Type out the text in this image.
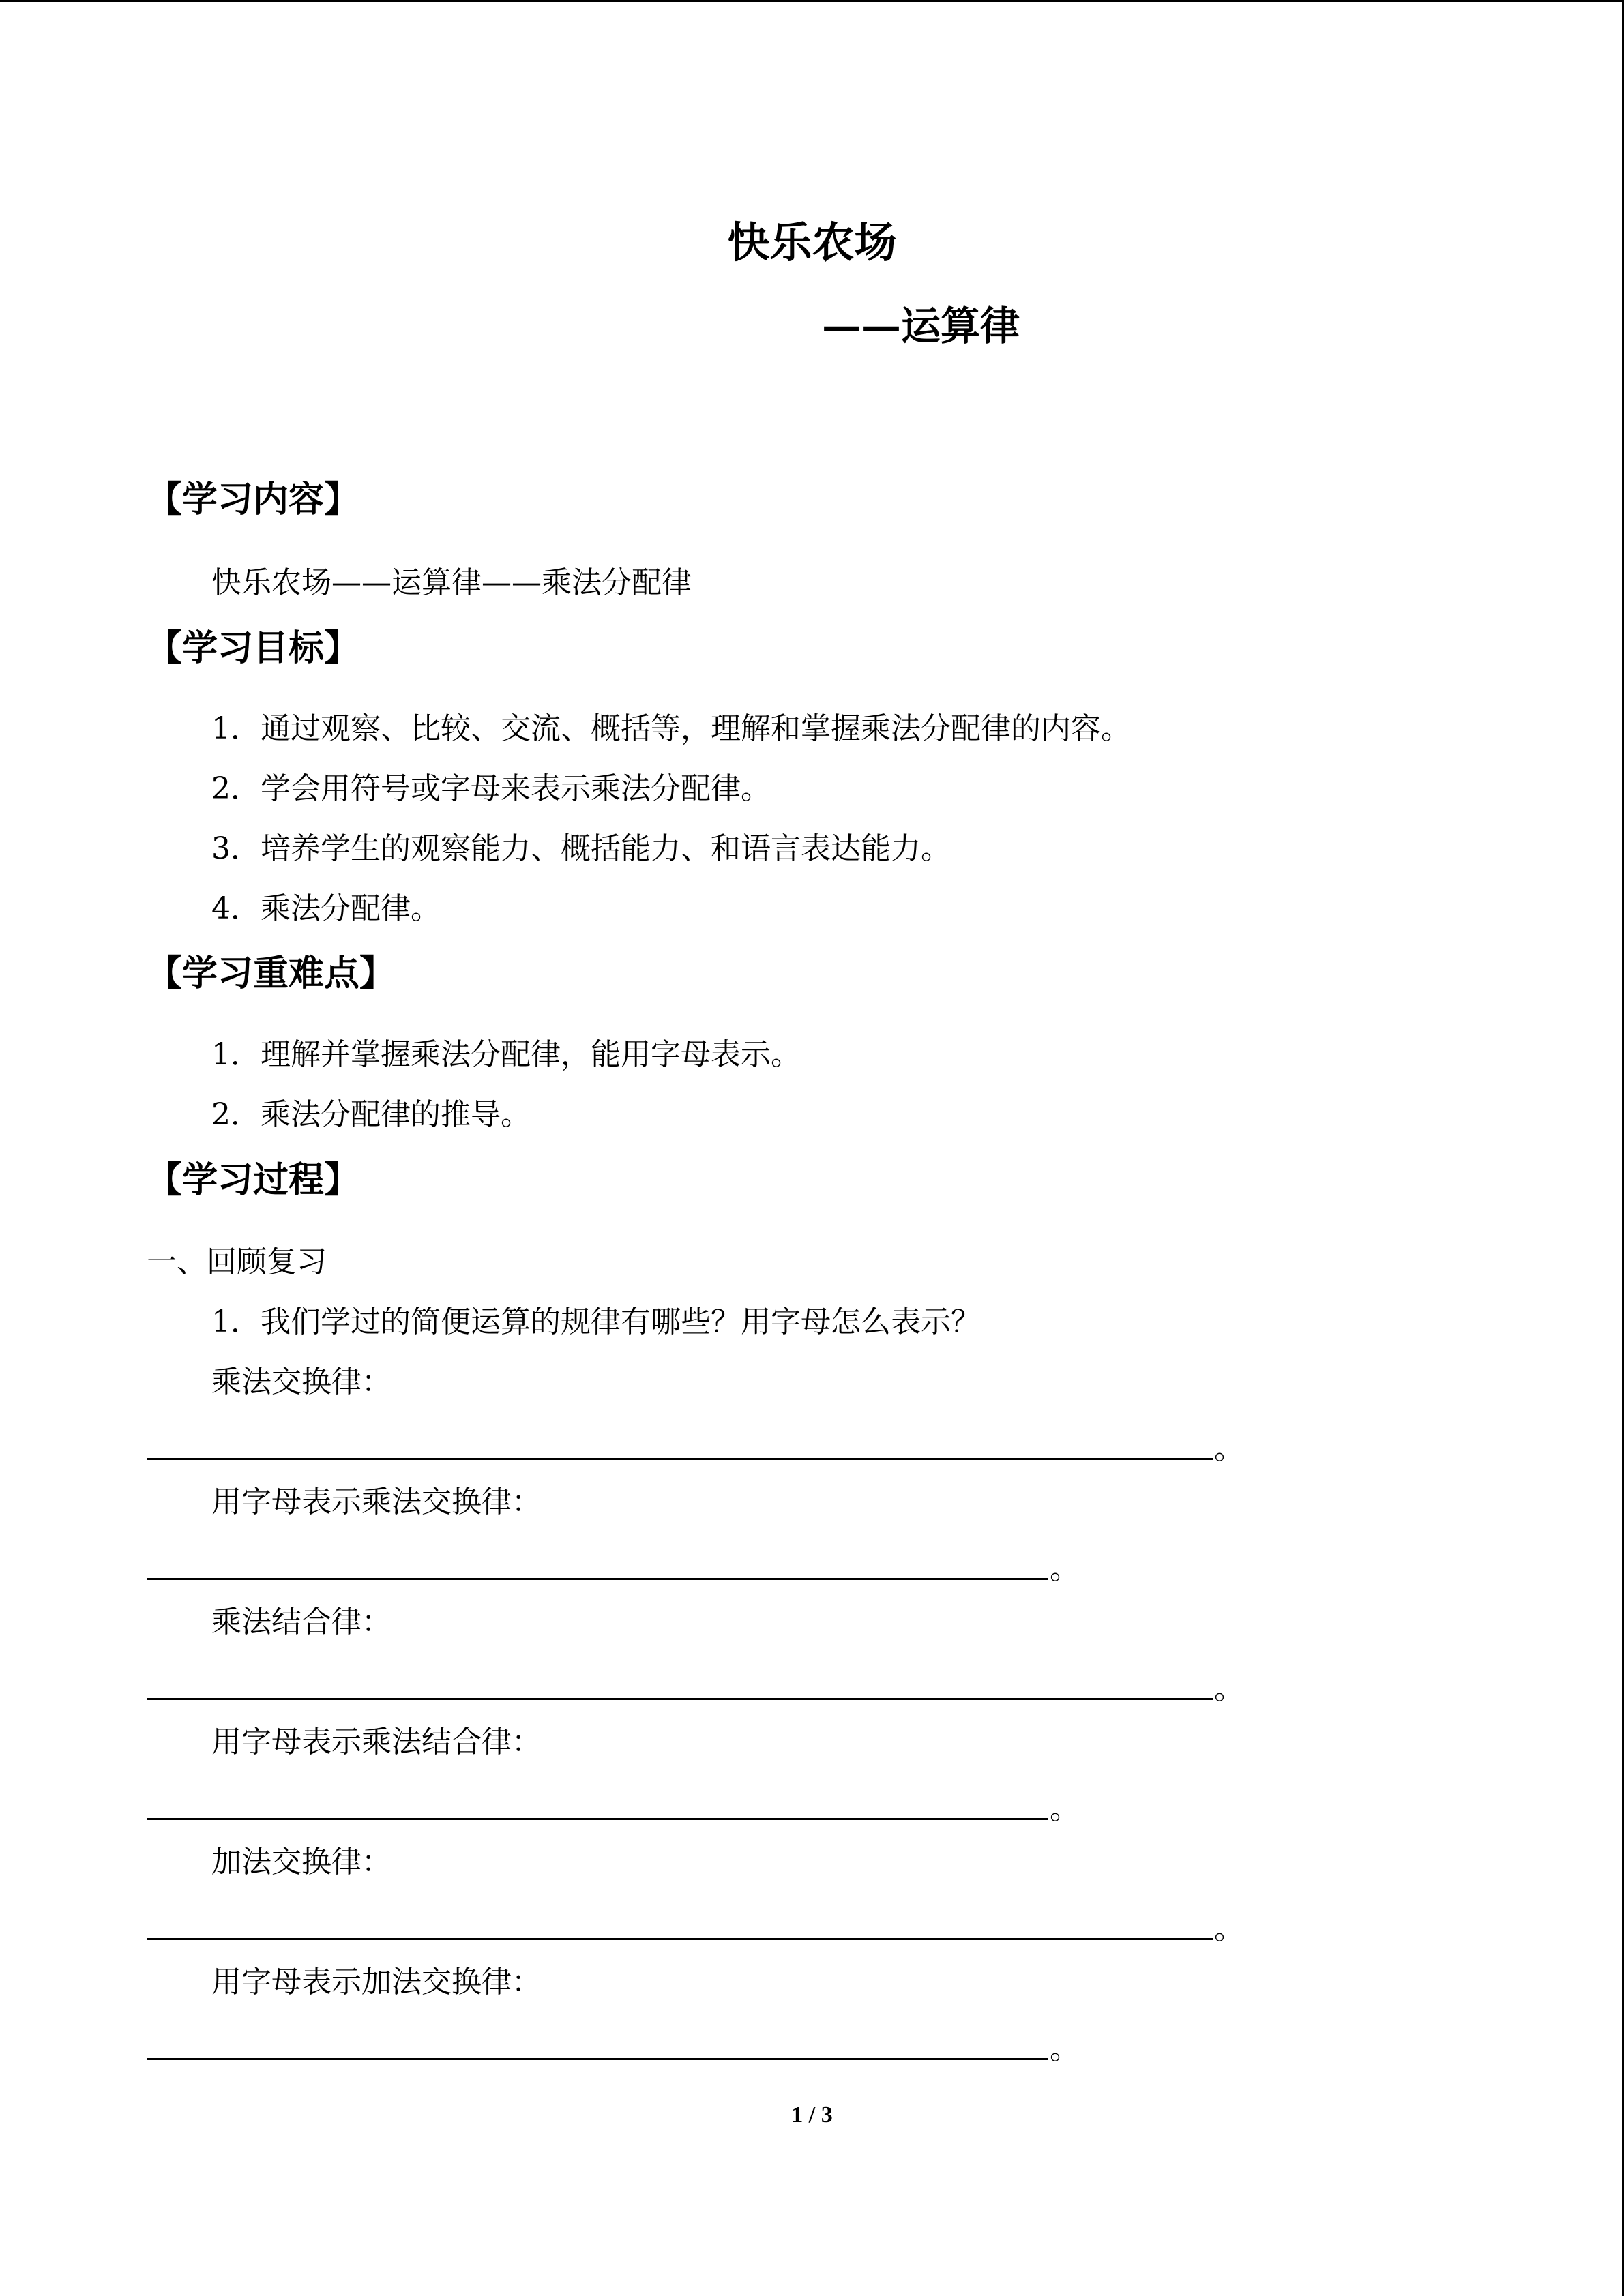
快乐农场
——运算律
【学习内容】
快乐农场——运算律——乘法分配律
【学习目标】
1．通过观察、比较、交流、概括等，理解和掌握乘法分配律的内容。
2．学会用符号或字母来表示乘法分配律。
3．培养学生的观察能力、概括能力、和语言表达能力。
4．乘法分配律。
【学习重难点】
1．理解并掌握乘法分配律，能用字母表示。
2．乘法分配律的推导。
【学习过程】
一、回顾复习
1．我们学过的简便运算的规律有哪些？用字母怎么表示？
乘法交换律：
。
用字母表示乘法交换律：
。
乘法结合律：
。
用字母表示乘法结合律：
。
加法交换律：
。
用字母表示加法交换律：
。
1 / 3
